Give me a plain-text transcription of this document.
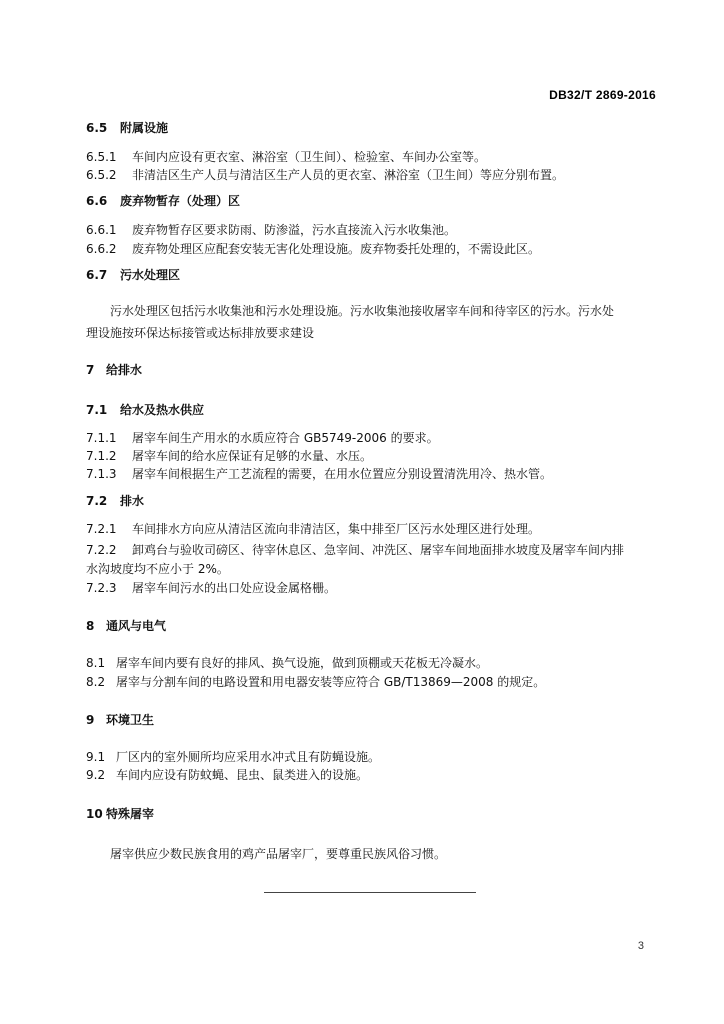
DB32/T 2869-2016
6.5 附属设施
6.5.1 车间内应设有更衣室、淋浴室（卫生间）、检验室、车间办公室等。
6.5.2 非清洁区生产人员与清洁区生产人员的更衣室、淋浴室（卫生间）等应分别布置。
6.6 废弃物暂存（处理）区
6.6.1 废弃物暂存区要求防雨、防渗溢，污水直接流入污水收集池。
6.6.2 废弃物处理区应配套安装无害化处理设施。废弃物委托处理的，不需设此区。
6.7 污水处理区
污水处理区包括污水收集池和污水处理设施。污水收集池接收屠宰车间和待宰区的污水。污水处
理设施按环保达标接管或达标排放要求建设
7 给排水
7.1 给水及热水供应
7.1.1 屠宰车间生产用水的水质应符合 GB5749-2006 的要求。
7.1.2 屠宰车间的给水应保证有足够的水量、水压。
7.1.3 屠宰车间根据生产工艺流程的需要，在用水位置应分别设置清洗用冷、热水管。
7.2 排水
7.2.1 车间排水方向应从清洁区流向非清洁区，集中排至厂区污水处理区进行处理。
7.2.2 卸鸡台与验收司磅区、待宰休息区、急宰间、冲洗区、屠宰车间地面排水坡度及屠宰车间内排
水沟坡度均不应小于 2%。
7.2.3 屠宰车间污水的出口处应设金属格栅。
8 通风与电气
8.1 屠宰车间内要有良好的排风、换气设施，做到顶棚或天花板无冷凝水。
8.2 屠宰与分割车间的电路设置和用电器安装等应符合 GB/T13869—2008 的规定。
9 环境卫生
9.1 厂区内的室外厕所均应采用水冲式且有防蝇设施。
9.2 车间内应设有防蚊蝇、昆虫、鼠类进入的设施。
10 特殊屠宰
屠宰供应少数民族食用的鸡产品屠宰厂，要尊重民族风俗习惯。
3
